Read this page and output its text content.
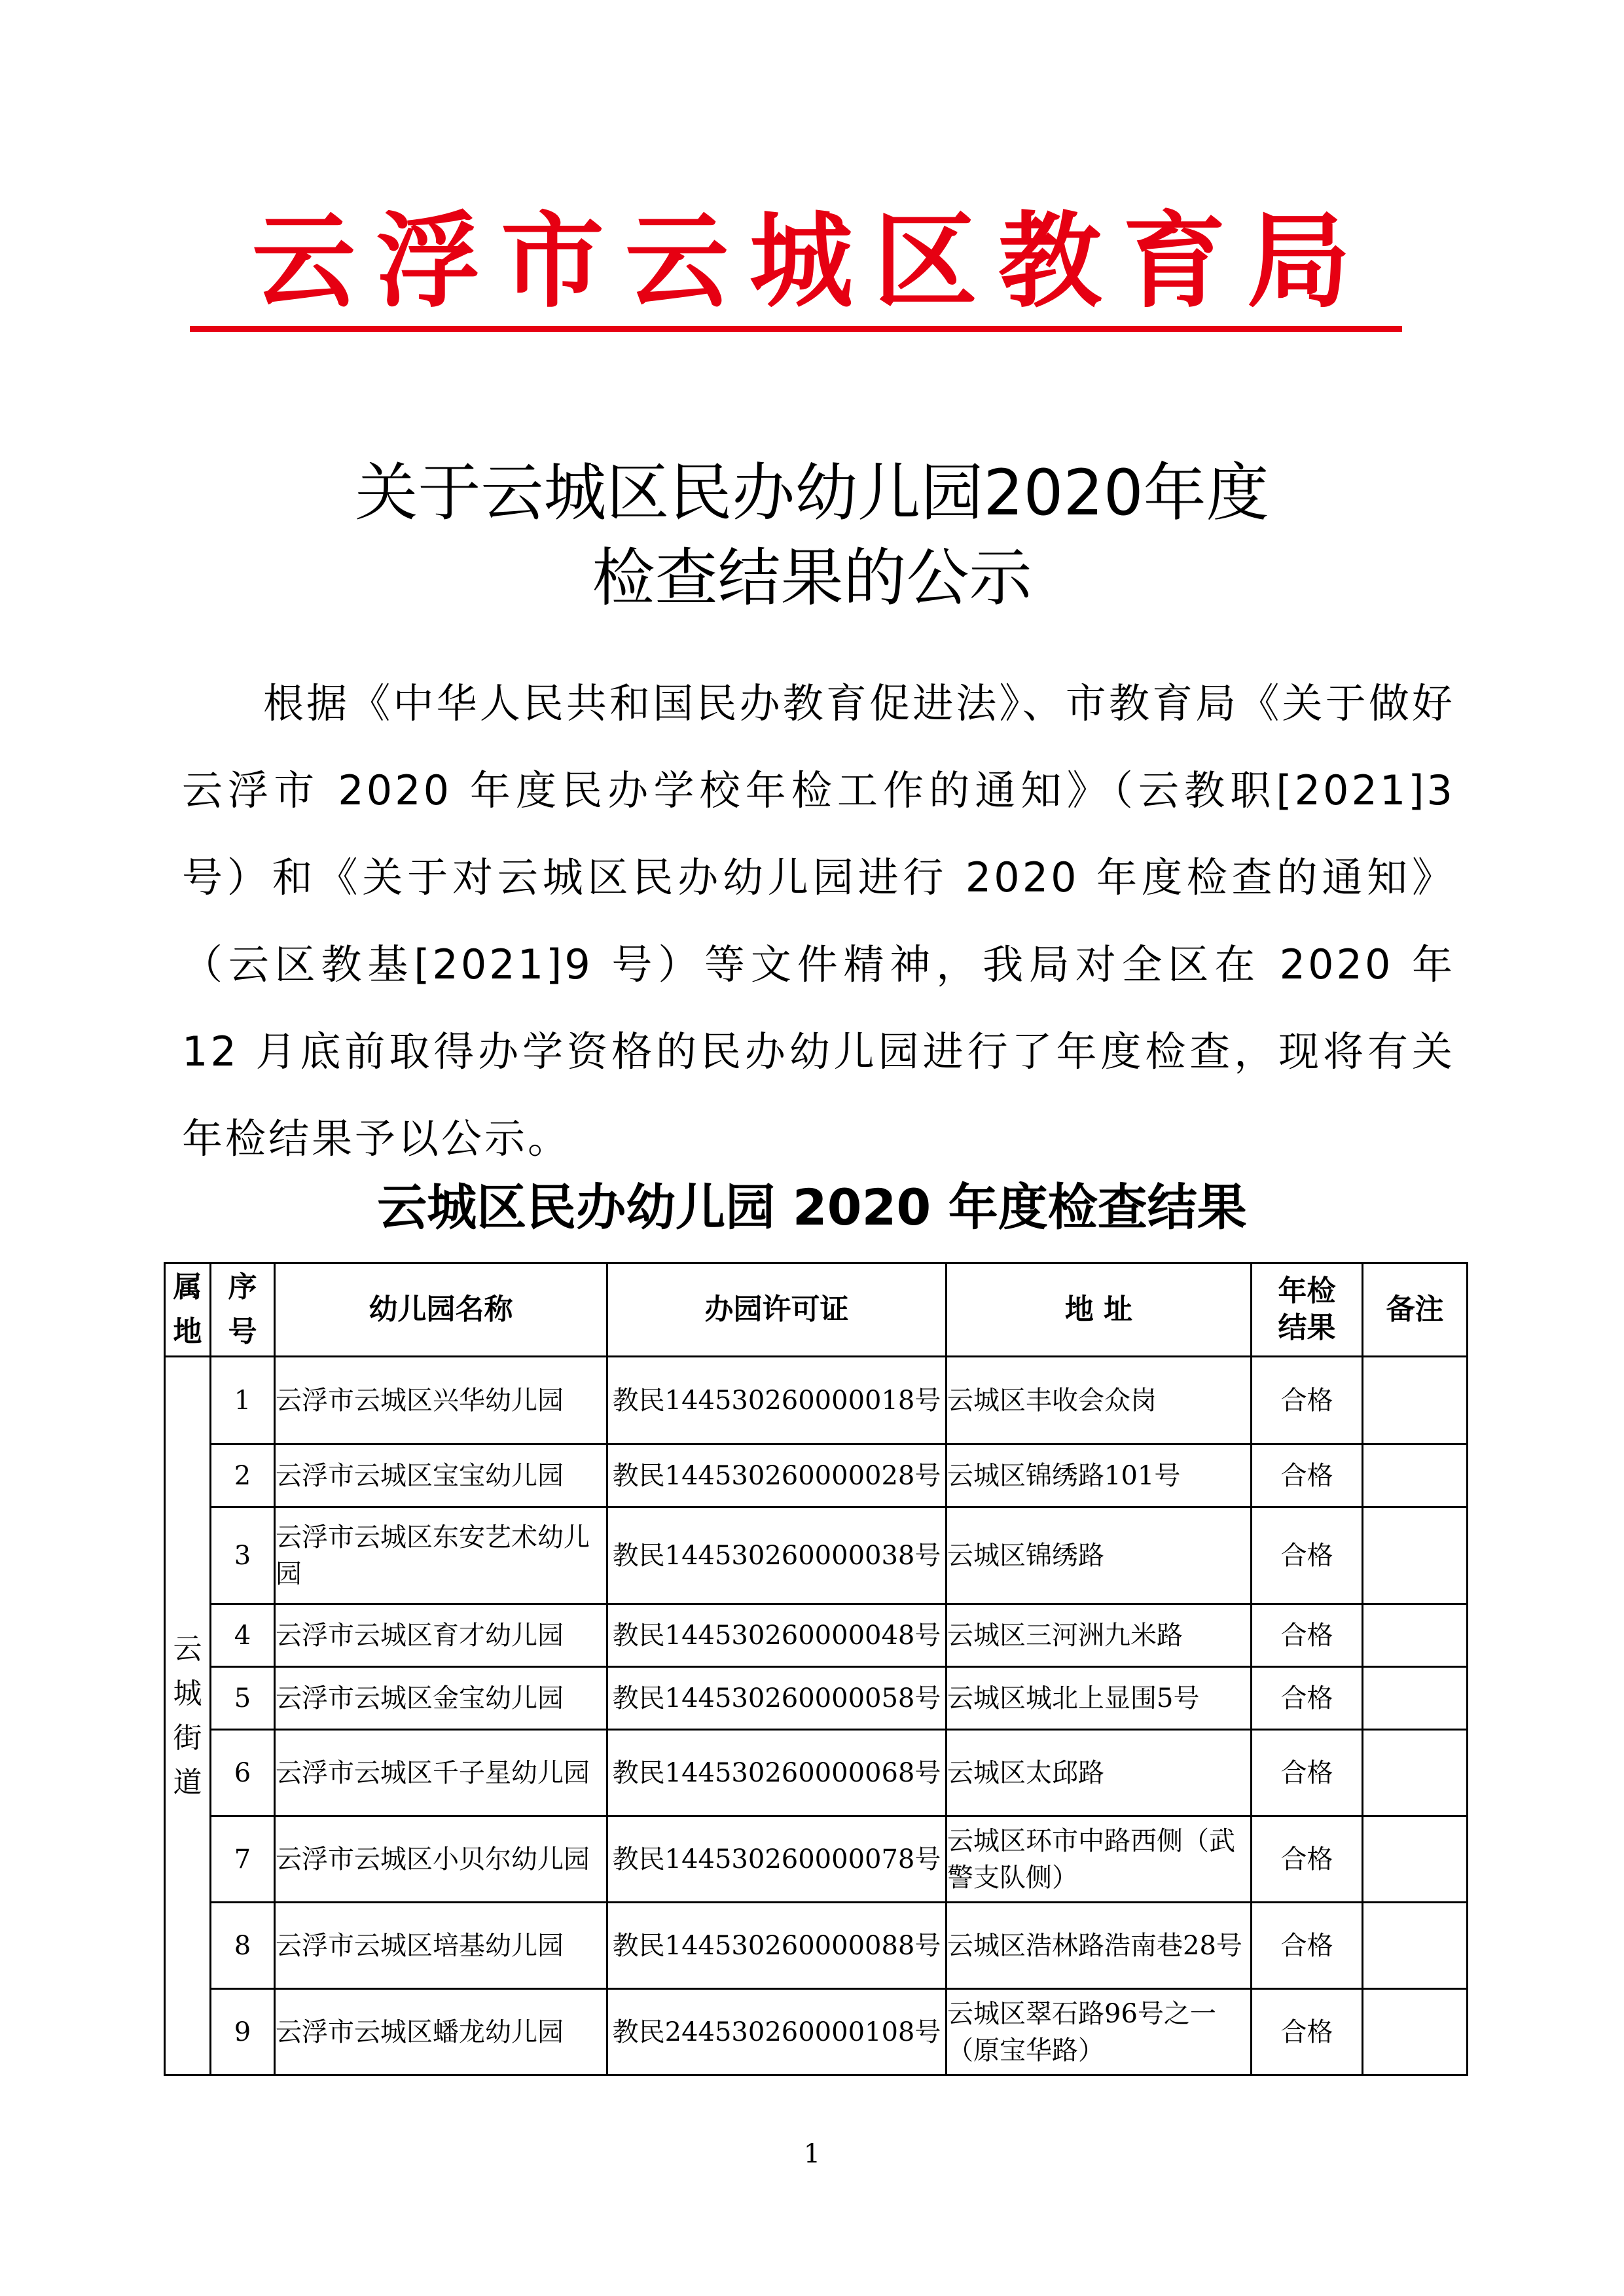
云浮市云城区教育局
关于云城区民办幼儿园2020年度
检查结果的公示
根据《中华人民共和国民办教育促进法》、市教育局《关于做好云浮市 2020 年度民办学校年检工作的通知》（云教职[2021]3 号）和《关于对云城区民办幼儿园进行 2020 年度检查的通知》（云区教基[2021]9 号）等文件精神，我局对全区在 2020 年 12 月底前取得办学资格的民办幼儿园进行了年度检查，现将有关年检结果予以公示。
云城区民办幼儿园 2020 年度检查结果
属地	序号	幼儿园名称	办园许可证	地 址	年检结果	备注
云城街道	1	云浮市云城区兴华幼儿园	教民144530260000018号	云城区丰收会众岗	合格	
	2	云浮市云城区宝宝幼儿园	教民144530260000028号	云城区锦绣路101号	合格	
	3	云浮市云城区东安艺术幼儿园	教民144530260000038号	云城区锦绣路	合格	
	4	云浮市云城区育才幼儿园	教民144530260000048号	云城区三河洲九米路	合格	
	5	云浮市云城区金宝幼儿园	教民144530260000058号	云城区城北上显围5号	合格	
	6	云浮市云城区千子星幼儿园	教民144530260000068号	云城区太邱路	合格	
	7	云浮市云城区小贝尔幼儿园	教民144530260000078号	云城区环市中路西侧（武警支队侧）	合格	
	8	云浮市云城区培基幼儿园	教民144530260000088号	云城区浩林路浩南巷28号	合格	
	9	云浮市云城区蟠龙幼儿园	教民244530260000108号	云城区翠石路96号之一（原宝华路）	合格	
1
